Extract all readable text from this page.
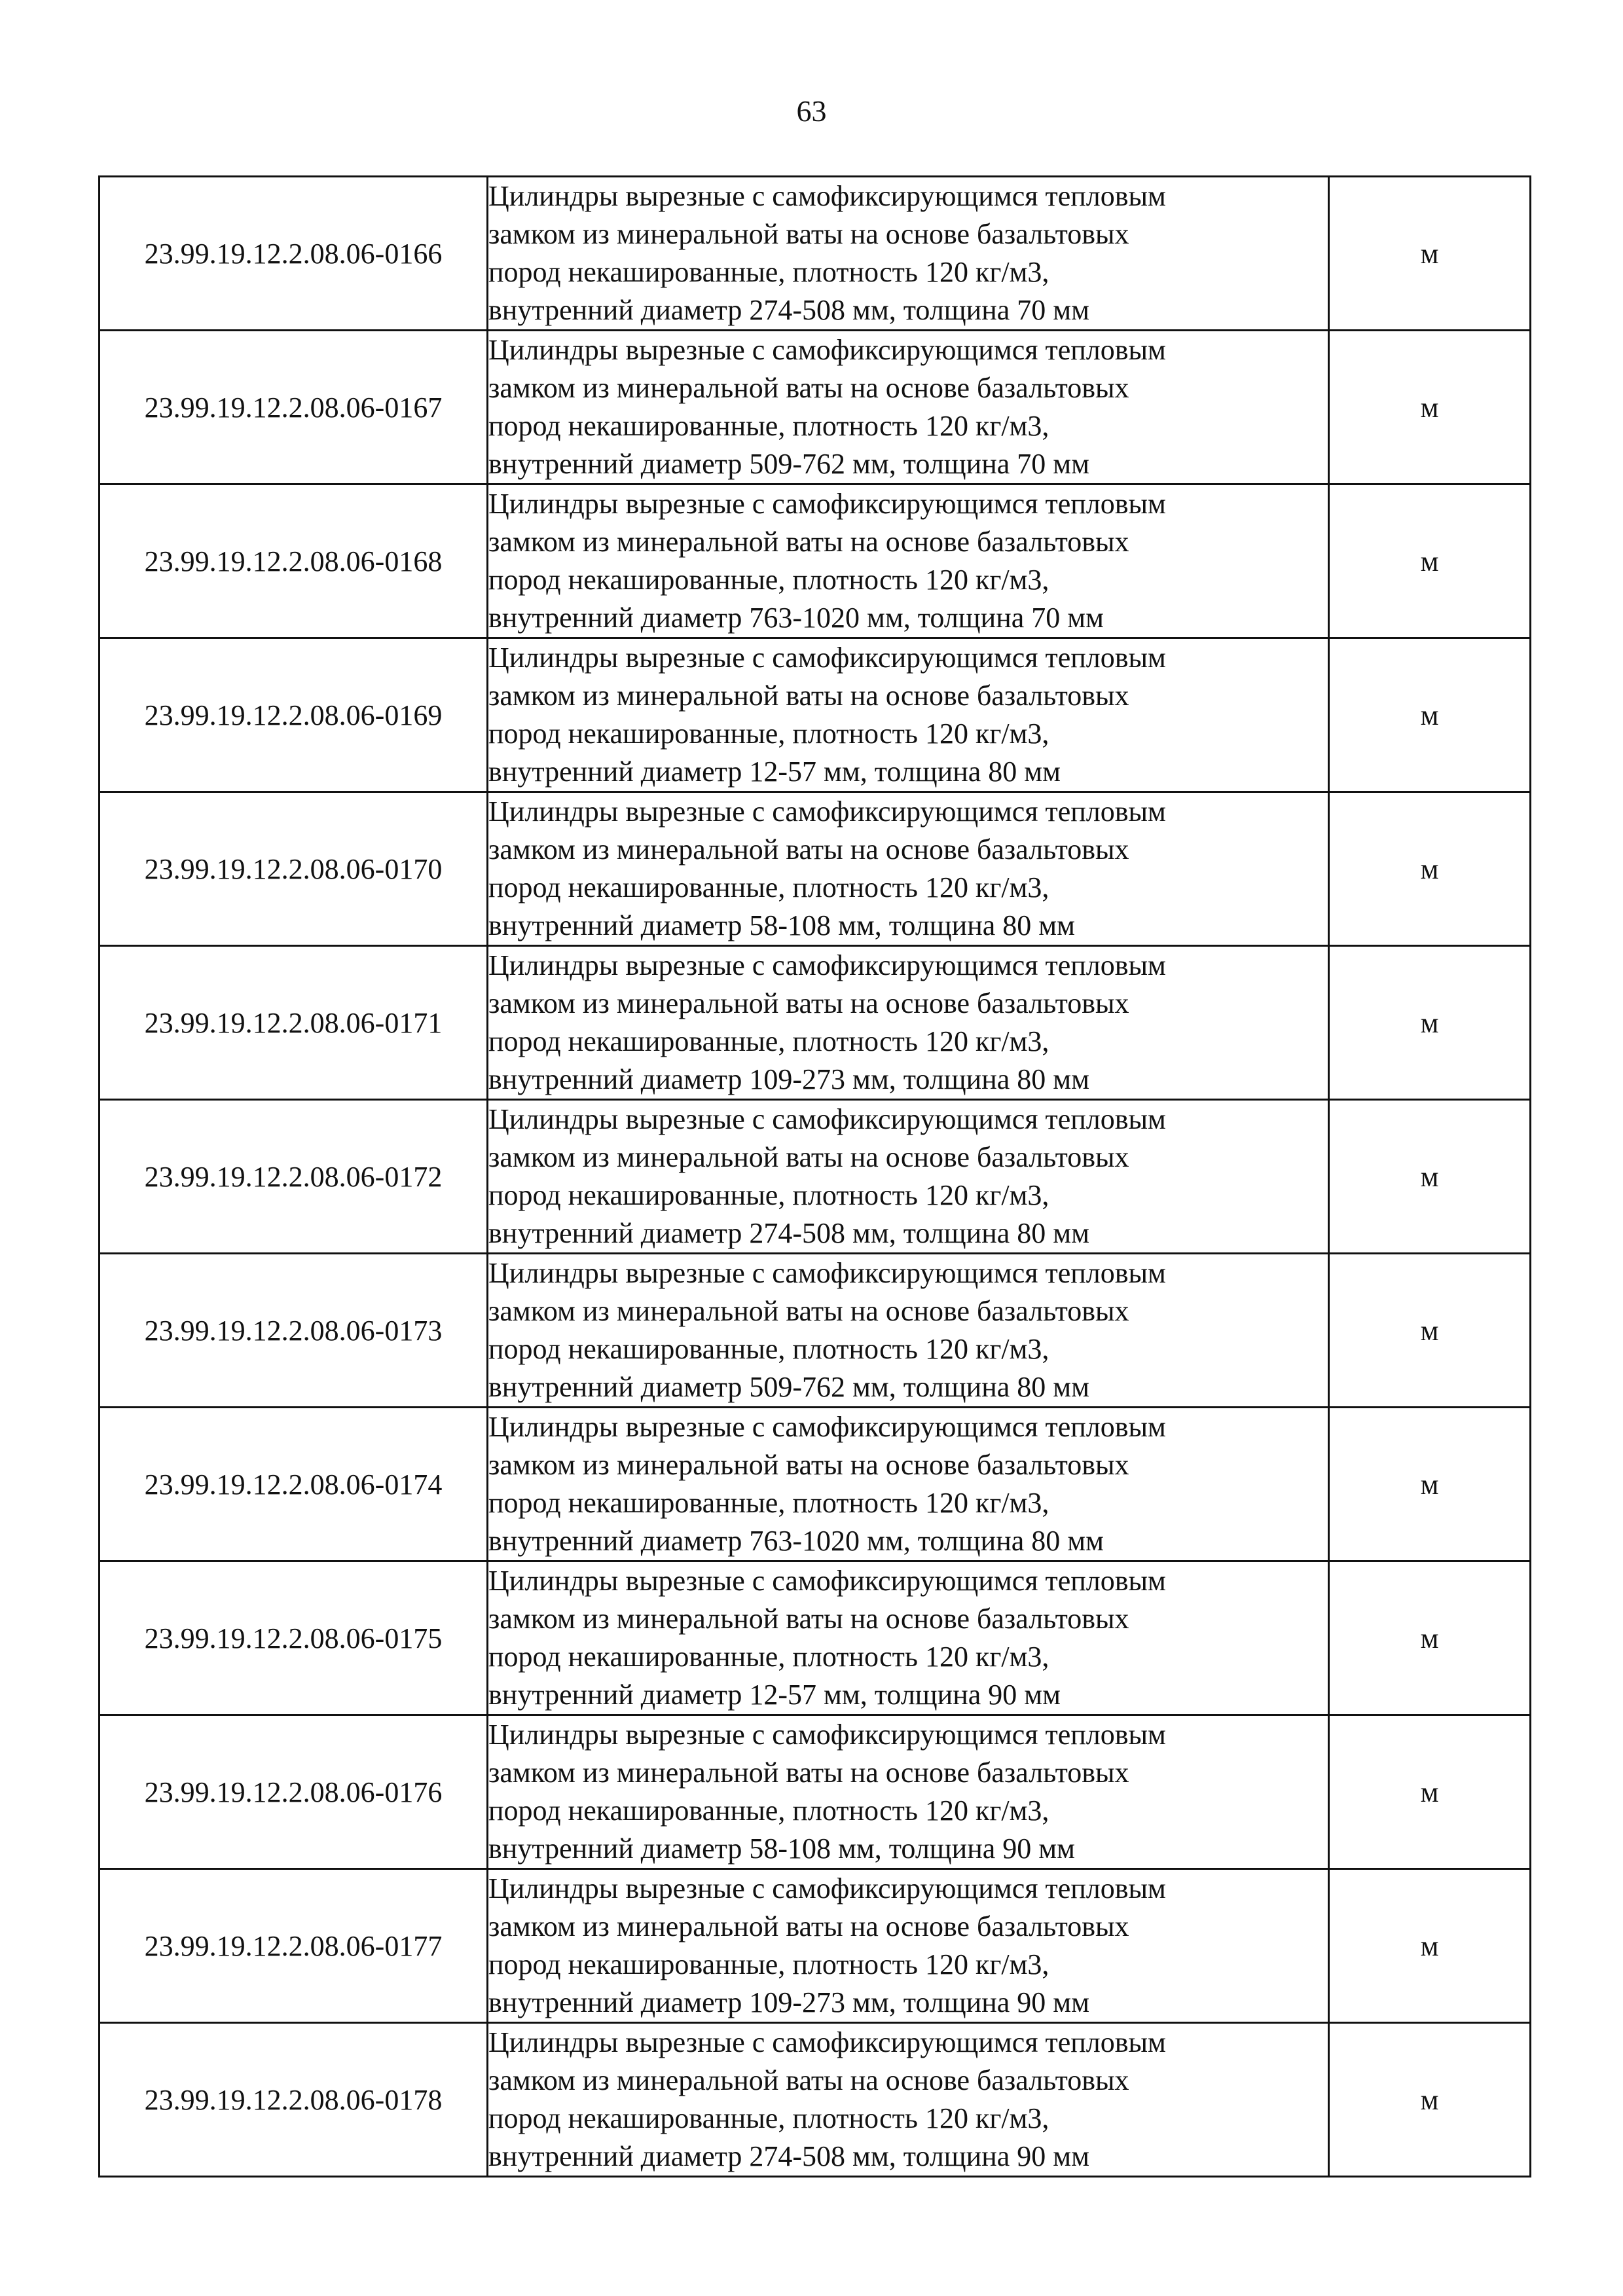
63
23.99.19.12.2.08.06-0166	Цилиндры вырезные с самофиксирующимся тепловым
замком из минеральной ваты на основе базальтовых
пород некашированные, плотность 120 кг/м3,
внутренний диаметр 274-508 мм, толщина 70 мм	м
23.99.19.12.2.08.06-0167	Цилиндры вырезные с самофиксирующимся тепловым
замком из минеральной ваты на основе базальтовых
пород некашированные, плотность 120 кг/м3,
внутренний диаметр 509-762 мм, толщина 70 мм	м
23.99.19.12.2.08.06-0168	Цилиндры вырезные с самофиксирующимся тепловым
замком из минеральной ваты на основе базальтовых
пород некашированные, плотность 120 кг/м3,
внутренний диаметр 763-1020 мм, толщина 70 мм	м
23.99.19.12.2.08.06-0169	Цилиндры вырезные с самофиксирующимся тепловым
замком из минеральной ваты на основе базальтовых
пород некашированные, плотность 120 кг/м3,
внутренний диаметр 12-57 мм, толщина 80 мм	м
23.99.19.12.2.08.06-0170	Цилиндры вырезные с самофиксирующимся тепловым
замком из минеральной ваты на основе базальтовых
пород некашированные, плотность 120 кг/м3,
внутренний диаметр 58-108 мм, толщина 80 мм	м
23.99.19.12.2.08.06-0171	Цилиндры вырезные с самофиксирующимся тепловым
замком из минеральной ваты на основе базальтовых
пород некашированные, плотность 120 кг/м3,
внутренний диаметр 109-273 мм, толщина 80 мм	м
23.99.19.12.2.08.06-0172	Цилиндры вырезные с самофиксирующимся тепловым
замком из минеральной ваты на основе базальтовых
пород некашированные, плотность 120 кг/м3,
внутренний диаметр 274-508 мм, толщина 80 мм	м
23.99.19.12.2.08.06-0173	Цилиндры вырезные с самофиксирующимся тепловым
замком из минеральной ваты на основе базальтовых
пород некашированные, плотность 120 кг/м3,
внутренний диаметр 509-762 мм, толщина 80 мм	м
23.99.19.12.2.08.06-0174	Цилиндры вырезные с самофиксирующимся тепловым
замком из минеральной ваты на основе базальтовых
пород некашированные, плотность 120 кг/м3,
внутренний диаметр 763-1020 мм, толщина 80 мм	м
23.99.19.12.2.08.06-0175	Цилиндры вырезные с самофиксирующимся тепловым
замком из минеральной ваты на основе базальтовых
пород некашированные, плотность 120 кг/м3,
внутренний диаметр 12-57 мм, толщина 90 мм	м
23.99.19.12.2.08.06-0176	Цилиндры вырезные с самофиксирующимся тепловым
замком из минеральной ваты на основе базальтовых
пород некашированные, плотность 120 кг/м3,
внутренний диаметр 58-108 мм, толщина 90 мм	м
23.99.19.12.2.08.06-0177	Цилиндры вырезные с самофиксирующимся тепловым
замком из минеральной ваты на основе базальтовых
пород некашированные, плотность 120 кг/м3,
внутренний диаметр 109-273 мм, толщина 90 мм	м
23.99.19.12.2.08.06-0178	Цилиндры вырезные с самофиксирующимся тепловым
замком из минеральной ваты на основе базальтовых
пород некашированные, плотность 120 кг/м3,
внутренний диаметр 274-508 мм, толщина 90 мм	м
